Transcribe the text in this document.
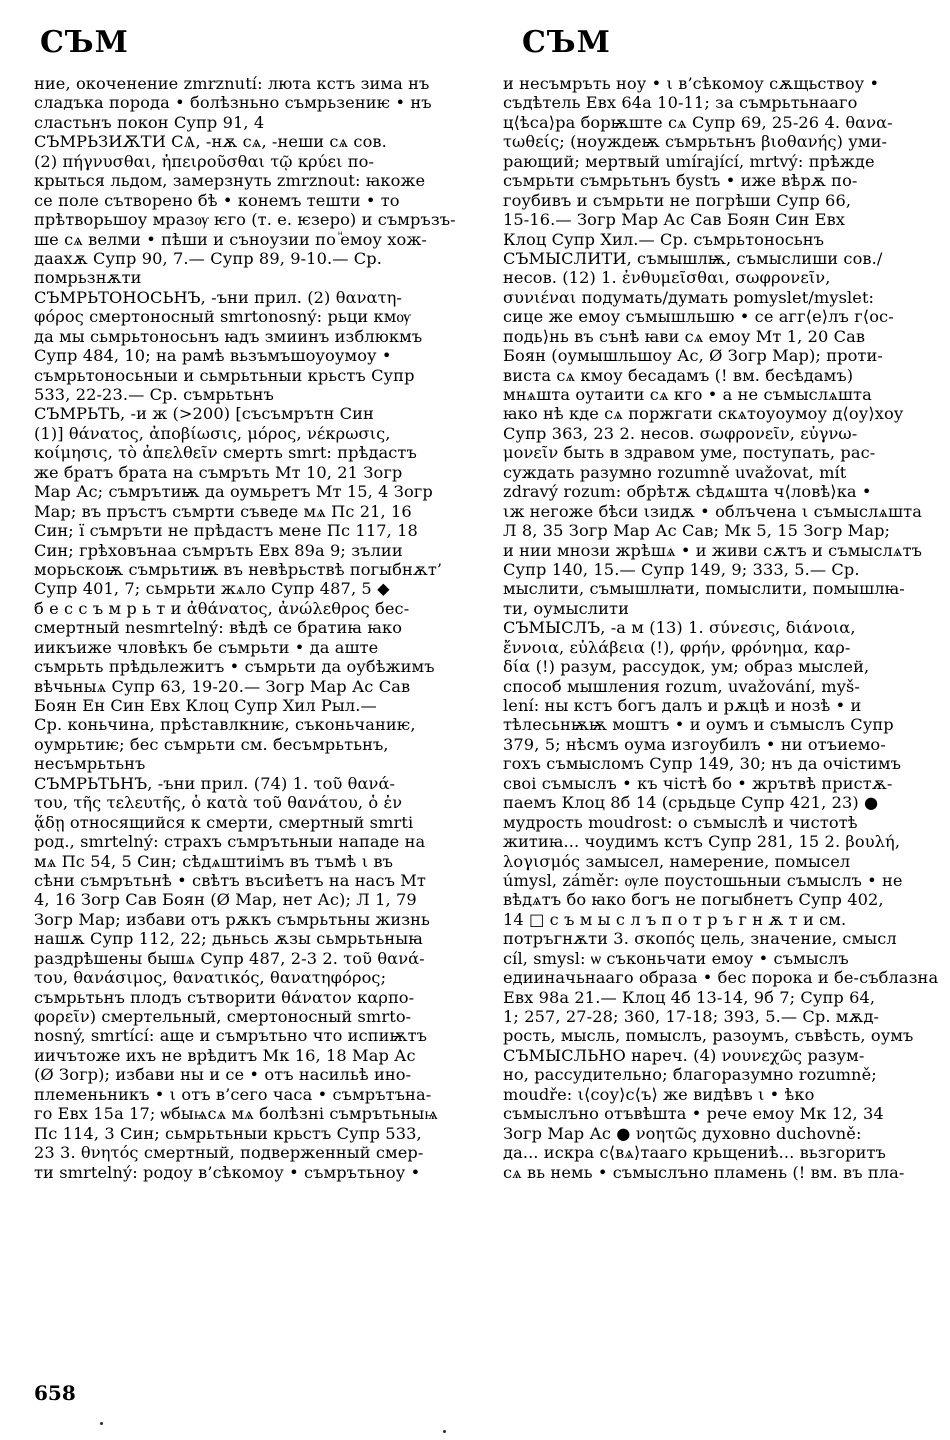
СЪМ	СЪМ
ние, окоченение zmrznutí: люта кстъ зима нъ
сладъка порода • болѣзньно съмрьзениѥ • нъ
сластьнъ покон Супр 91, 4
СЪМРЬЗИѪТИ СѦ, -нѫ сѧ, -неши сѧ сов.
(2) πήγνυσθαι, ἠπειροῦσθαι τῷ κρύει по-
крыться льдом, замерзнуть zmrznout: ꙗкоже
се поле сътворено бѣ • конемъ тешти • то
прѣтворьшоу мразѹ ѥго (т. е. ѥзеро) и съмръзъ-
ше сѧ велми • пѣши и съноузии по ⷩемоу хож-
даахѫ Супр 90, 7.— Супр 89, 9-10.— Ср.
помрьзнѫти
СЪМРЬТОНОСЬНЪ, -ъни прил. (2) θανατη-
φόρος смертоносный smrtonosný: рьци кмѹ
да мы сьмрьтоносьнъ ꙗдъ змиинъ изблюкмъ
Супр 484, 10; на рамѣ вьзъмъшоуоумоу •
съмрьтоносьныи и сьмрьтьныи крьстъ Супр
533, 22-23.— Ср. съмрьтьнъ
СЪМРЬТЬ, -и ж (>200) [съсъмрътн Син
(1)] θάνατος, ἀποβίωσις, μόρος, νέκρωσις,
κοίμησις, τὸ ἀπελθεῖν смерть smrt: прѣдастъ
же братъ брата на съмръть Мт 10, 21 Зогр
Мар Ас; съмрътиѭ да оумьретъ Мт 15, 4 Зогр
Мар; въ пръстъ съмрти съведе мѧ Пс 21, 16
Син; ї съмръти не прѣдастъ мене Пс 117, 18
Син; грѣховънаа съмръть Евх 89а 9; зълии
морьскоѭ съмрьтиѭ въ невѣрьствѣ погыбнѫт’
Супр 401, 7; сьмрьти жѧло Супр 487, 5 ◆
б е с с ъ м р ь т и ἀθάνατος, ἀνώλεθρος бес-
смертный nesmrtelný: вѣдѣ се братиꙗ ꙗко
иикъиже чловѣкъ бе съмрьти • да аште
съмрьть прѣдьлежитъ • съмрьти да оубѣжимъ
вѣчьныѧ Супр 63, 19-20.— Зогр Мар Ас Сав
Боян Ен Син Евх Клоц Супр Хил Рыл.—
Ср. коньчина, прѣставлкниѥ, съконьчаниѥ,
оумрьтиѥ; бес съмрьти см. бесъмрьтьнъ,
несъмрьтьнъ
СЪМРЬТЬНЪ, -ъни прил. (74) 1. τοῦ θανά-
του, τῆς τελευτῆς, ὁ κατὰ τοῦ θανάτου, ὁ ἐν
ᾅδῃ относящийся к смерти, смертный smrti
род., smrtelný: страхъ съмрътьныи нападе на
мѧ Пс 54, 5 Син; сѣдѧштиімъ въ тъмѣ ι въ
сѣни съмрътьнѣ • свѣтъ въсиѣетъ на насъ Мт
4, 16 Зогр Сав Боян (Ø Мар, нет Ас); Л 1, 79
Зогр Мар; избави отъ рѫкъ съмрьтьны жизнь
нашѫ Супр 112, 22; дьньсь ѫзы сьмрьтьныꙗ
раздрѣшены бышѧ Супр 487, 2-3 2. τοῦ θανά-
του, θανάσιμος, θανατικός, θανατηφόρος;
съмрьтьнъ плодъ сътворити θάνατον καρπο-
φορεῖν) смертельный, смертоносный smrto-
nosný, smrtící: аще и съмрътьно что испиѭтъ
иичътоже ихъ не врѣдитъ Мк 16, 18 Мар Ас
(Ø Зогр); избави ны и се • отъ насильѣ ино-
племеньникъ • ι отъ в’сего часа • съмрътъна-
го Евх 15а 17; ѡбыѩсѧ мѧ болѣзні съмрътьныѩ
Пс 114, 3 Син; сьмрьтьныи крьстъ Супр 533,
23 3. θνητός смертный, подверженный смер-
ти smrtelný: родоу в’сѣкомоу • съмрътьноу •
и несъмръть ноу • ι в’сѣкомоу сѫщьствоу •
съдѣтель Евх 64а 10-11; за съмрьтьнааго
ц⟨ѣса⟩ра борѭште сѧ Супр 69, 25-26 4. θανα-
τωθείς; (ноуждеѭ съмрьтьнъ βιοθανής) уми-
рающий; мертвый umírající, mrtvý: прѣжде
съмрьти съмрьтьнъ бystъ • иже вѣрѫ по-
гоубивъ и съмрьти не погрѣши Супр 66,
15-16.— Зогр Мар Ас Сав Боян Син Евх
Клоц Супр Хил.— Ср. съмрьтоносьнъ
СЪМЫСЛИТИ, съмышлѭ, съмыслиши сов./
несов. (12) 1. ἐνθυμεῖσθαι, σωφρονεῖν,
συνιέναι подумать/думать pomyslet/myslet:
сице же емоу съмышльшю • се агг⟨е⟩лъ г⟨ос-
подь⟩нь въ сънѣ ꙗви сѧ емоу Мт 1, 20 Сав
Боян (оумышльшоу Ас, Ø Зогр Мар); проти-
виста сѧ кмоу бесадамъ (! вм. бесѣдамъ)
мнѧшта оутаити сѧ кго • а не съмыслѧшта
ꙗко нѣ кде сѧ поржгати скѧтоуоумоу д⟨оу⟩хоу
Супр 363, 23 2. несов. σωφρονεῖν, εὐγνω-
μονεῖν быть в здравом уме, поступать, рас-
суждать разумно rozumně uvažovat, mít
zdravý rozum: обрѣтѫ сѣдѧшта ч⟨ловѣ⟩ка •
ιж негоже бѣси ιзидѫ • облъчена ι съмыслѧшта
Л 8, 35 Зогр Мар Ас Сав; Мк 5, 15 Зогр Мар;
и нии мнози жрѣшѧ • и живи сѫтъ и съмыслѧтъ
Супр 140, 15.— Супр 149, 9; 333, 5.— Ср.
мыслити, съмышлꙗти, помыслити, помышлꙗ-
ти, оумыслити
СЪМЫСЛЪ, -а м (13) 1. σύνεσις, διάνοια,
ἔννοια, εὐλάβεια (!), φρήν, φρόνημα, καρ-
δία (!) разум, рассудок, ум; образ мыслей,
способ мышления rozum, uvažování, myš-
lení: ны кстъ богъ далъ и рѫцѣ и нозѣ • и
тѣлесьнѭѭ моштъ • и оумъ и съмыслъ Супр
379, 5; нѣсмъ оума изгоубилъ • ни отъиемо-
гохъ съмысломъ Супр 149, 30; нъ да очістимъ
своі съмыслъ • къ чістѣ бо • жрътвѣ пристѫ-
паемъ Клоц 8б 14 (срьдьце Супр 421, 23) ●
мудрость moudrost: о съмыслѣ и чистотѣ
житиꙗ... чоудимъ кстъ Супр 281, 15 2. βουλή,
λογισμός замысел, намерение, помысел
úmysl, záměr: ѹле поустошьныи съмыслъ • не
вѣдѧтъ бо ꙗко богъ не погыбнетъ Супр 402,
14 □ с ъ м ы с л ъ п о т р ъ г н ѫ т и см.
потръгнѫти 3. σκοπός цель, значение, смысл
cíl, smysl: ѡ съконьчати емоу • съмыслъ
едииначьнааго образа • бес порока и бе-съблазна
Евх 98а 21.— Клоц 4б 13-14, 9б 7; Супр 64,
1; 257, 27-28; 360, 17-18; 393, 5.— Ср. мѫд-
рость, мысль, помыслъ, разоумъ, съвѣсть, оумъ
СЪМЫСЛЬНО нареч. (4) νουνεχῶς разум-
но, рассудительно; благоразумно rozumně;
moudře: ι⟨соу⟩с⟨ъ⟩ же видѣвъ ι • ѣко
съмыслъно отъвѣшта • рече емоу Мк 12, 34
Зогр Мар Ас ● νοητῶς духовно duchovně:
да... искра с⟨вѧ⟩тааго крьщениѣ... вьзгоритъ
сѧ вь немь • съмыслъно пламень (! вм. въ пла-
658
